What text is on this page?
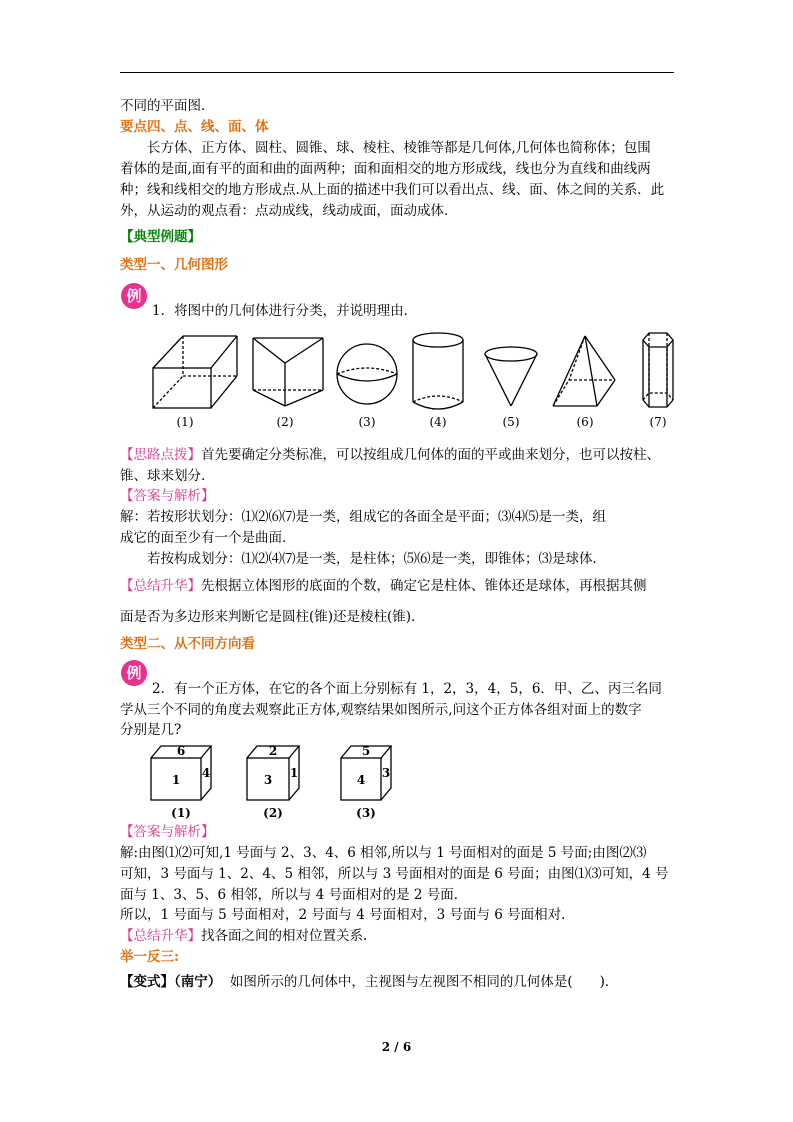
不同的平面图．
要点四、点、线、面、体
长方体、正方体、圆柱、圆锥、球、棱柱、棱锥等都是几何体,几何体也简称体；包围
着体的是面,面有平的面和曲的面两种；面和面相交的地方形成线，线也分为直线和曲线两
种；线和线相交的地方形成点.从上面的描述中我们可以看出点、线、面、体之间的关系．此
外，从运动的观点看：点动成线，线动成面，面动成体．
【典型例题】
类型一、几何图形
例
1．将图中的几何体进行分类，并说明理由．
(1)	(2)	(3)	(4)	(5)	(6)	(7)
【思路点拨】首先要确定分类标准，可以按组成几何体的面的平或曲来划分，也可以按柱、
锥、球来划分.
【答案与解析】
解：若按形状划分：⑴⑵⑹⑺是一类，组成它的各面全是平面；⑶⑷⑸是一类，组
成它的面至少有一个是曲面．
若按构成划分：⑴⑵⑷⑺是一类，是柱体；⑸⑹是一类，即锥体；⑶是球体．
【总结升华】先根据立体图形的底面的个数，确定它是柱体、锥体还是球体，再根据其侧
面是否为多边形来判断它是圆柱(锥)还是棱柱(锥)．
类型二、从不同方向看
例
2．有一个正方体，在它的各个面上分别标有 1，2，3，4，5，6．甲、乙、丙三名同
学从三个不同的角度去观察此正方体,观察结果如图所示,问这个正方体各组对面上的数字
分别是几?
6
1 4
(1)
2
3 1
(2)
5
4 3
(3)
【答案与解析】
解:由图⑴⑵可知,1 号面与 2、3、4、6 相邻,所以与 1 号面相对的面是 5 号面;由图⑵⑶
可知，3 号面与 1、2、4、5 相邻，所以与 3 号面相对的面是 6 号面；由图⑴⑶可知，4 号
面与 1、3、5、6 相邻，所以与 4 号面相对的是 2 号面．
所以，1 号面与 5 号面相对，2 号面与 4 号面相对，3 号面与 6 号面相对．
【总结升华】找各面之间的相对位置关系.
举一反三:
【变式】（南宁） 如图所示的几何体中，主视图与左视图不相同的几何体是(　　)．
2 / 6
